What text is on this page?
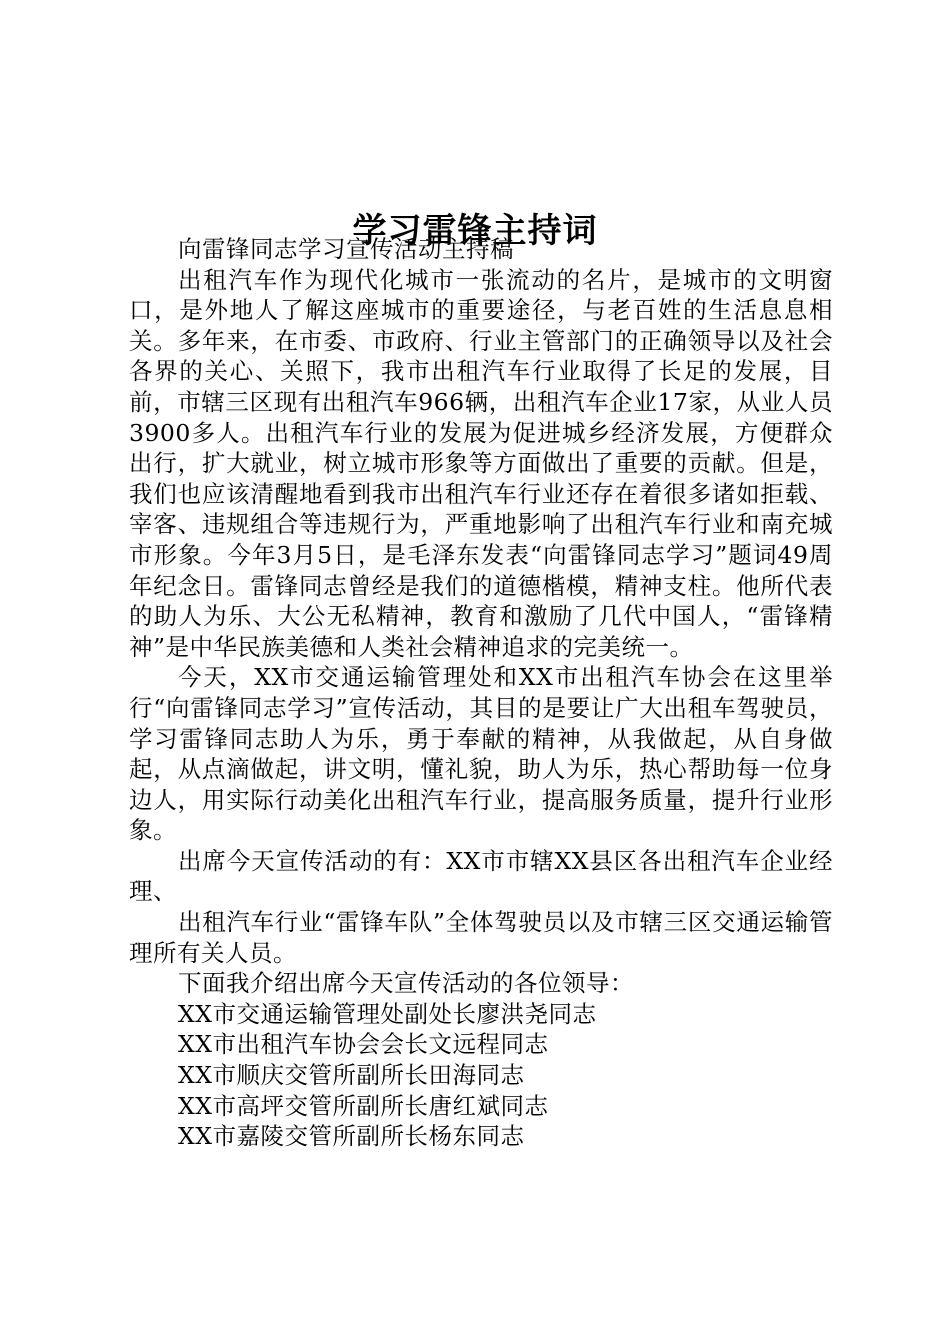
学习雷锋主持词

向雷锋同志学习宣传活动主持稿

出租汽车作为现代化城市一张流动的名片，是城市的文明窗口，是外地人了解这座城市的重要途径，与老百姓的生活息息相关。多年来，在市委、市政府、行业主管部门的正确领导以及社会各界的关心、关照下，我市出租汽车行业取得了长足的发展，目前，市辖三区现有出租汽车966辆，出租汽车企业17家，从业人员3900多人。出租汽车行业的发展为促进城乡经济发展，方便群众出行，扩大就业，树立城市形象等方面做出了重要的贡献。但是，我们也应该清醒地看到我市出租汽车行业还存在着很多诸如拒载、宰客、违规组合等违规行为，严重地影响了出租汽车行业和南充城市形象。今年3月5日，是毛泽东发表“向雷锋同志学习”题词49周年纪念日。雷锋同志曾经是我们的道德楷模，精神支柱。他所代表的助人为乐、大公无私精神，教育和激励了几代中国人，“雷锋精神”是中华民族美德和人类社会精神追求的完美统一。

今天，XX市交通运输管理处和XX市出租汽车协会在这里举行“向雷锋同志学习”宣传活动，其目的是要让广大出租车驾驶员，学习雷锋同志助人为乐，勇于奉献的精神，从我做起，从自身做起，从点滴做起，讲文明，懂礼貌，助人为乐，热心帮助每一位身边人，用实际行动美化出租汽车行业，提高服务质量，提升行业形象。

出席今天宣传活动的有：XX市市辖XX县区各出租汽车企业经理、

出租汽车行业“雷锋车队”全体驾驶员以及市辖三区交通运输管理所有关人员。

下面我介绍出席今天宣传活动的各位领导：

XX市交通运输管理处副处长廖洪尧同志

XX市出租汽车协会会长文远程同志

XX市顺庆交管所副所长田海同志

XX市高坪交管所副所长唐红斌同志

XX市嘉陵交管所副所长杨东同志
